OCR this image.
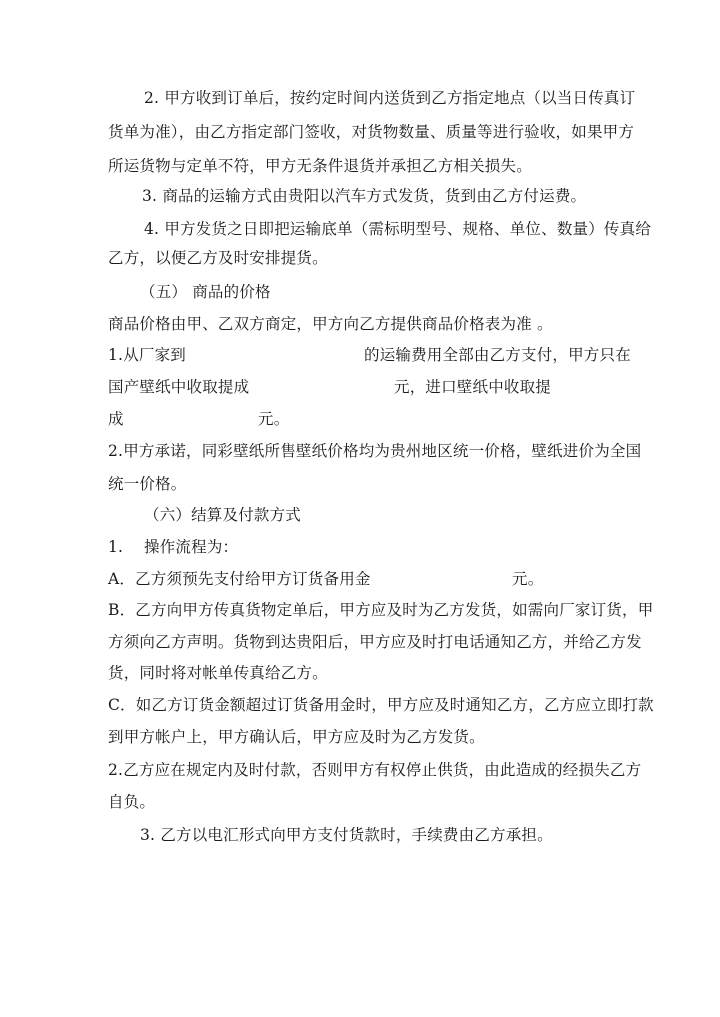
2. 甲方收到订单后，按约定时间内送货到乙方指定地点（以当日传真订
货单为准），由乙方指定部门签收，对货物数量、质量等进行验收，如果甲方
所运货物与定单不符，甲方无条件退货并承担乙方相关损失。
3. 商品的运输方式由贵阳以汽车方式发货，货到由乙方付运费。
4. 甲方发货之日即把运输底单（需标明型号、规格、单位、数量）传真给
乙方，以便乙方及时安排提货。
（五） 商品的价格
商品价格由甲、乙双方商定，甲方向乙方提供商品价格表为准 。
1.从厂家到	的运输费用全部由乙方支付，甲方只在
国产壁纸中收取提成	元，进口壁纸中收取提
成	元。
2.甲方承诺，同彩壁纸所售壁纸价格均为贵州地区统一价格，壁纸进价为全国
统一价格。
（六）结算及付款方式
1.　 操作流程为：
A．乙方须预先支付给甲方订货备用金	元。
B．乙方向甲方传真货物定单后，甲方应及时为乙方发货，如需向厂家订货，甲
方须向乙方声明。货物到达贵阳后，甲方应及时打电话通知乙方，并给乙方发
货，同时将对帐单传真给乙方。
C．如乙方订货金额超过订货备用金时，甲方应及时通知乙方，乙方应立即打款
到甲方帐户上，甲方确认后，甲方应及时为乙方发货。
2.乙方应在规定内及时付款，否则甲方有权停止供货，由此造成的经损失乙方
自负。
3. 乙方以电汇形式向甲方支付货款时，手续费由乙方承担。
